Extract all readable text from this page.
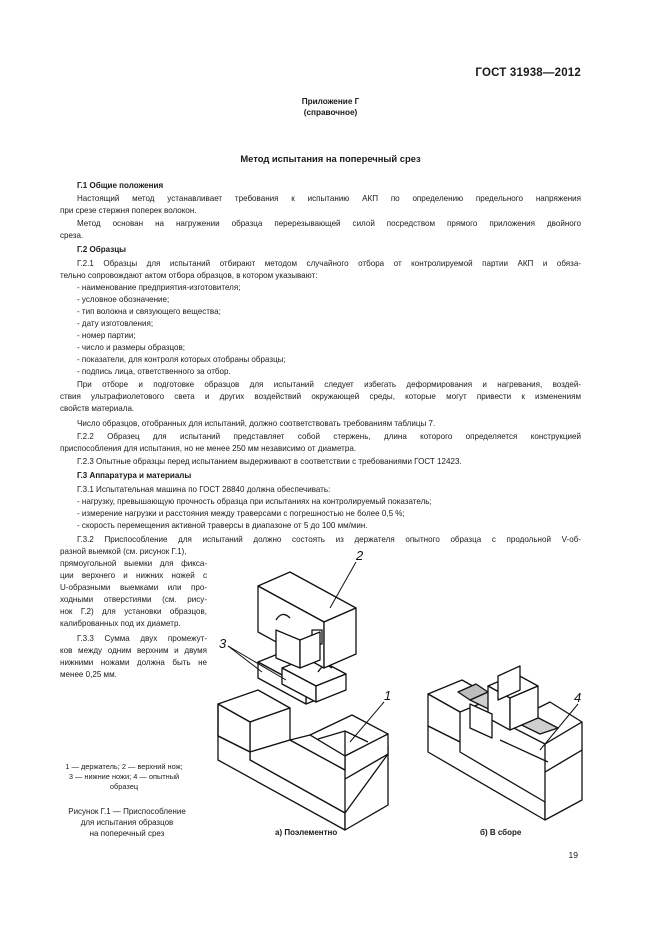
ГОСТ 31938—2012
Приложение Г
(справочное)
Метод испытания на поперечный срез
Г.1 Общие положения
Настоящий метод устанавливает требования к испытанию АКП по определению предельного напряжения
при срезе стержня поперек волокон.
Метод основан на нагружении образца перерезывающей силой посредством прямого приложения двойного
среза.
Г.2 Образцы
Г.2.1 Образцы для испытаний отбирают методом случайного отбора от контролируемой партии АКП и обяза-
тельно сопровождают актом отбора образцов, в котором указывают:
- наименование предприятия-изготовителя;
- условное обозначение;
- тип волокна и связующего вещества;
- дату изготовления;
- номер партии;
- число и размеры образцов;
- показатели, для контроля которых отобраны образцы;
- подпись лица, ответственного за отбор.
При отборе и подготовке образцов для испытаний следует избегать деформирования и нагревания, воздей-
ствия ультрафиолетового света и других воздействий окружающей среды, которые могут привести к изменениям
свойств материала.
Число образцов, отобранных для испытаний, должно соответствовать требованиям таблицы 7.
Г.2.2 Образец для испытаний представляет собой стержень, длина которого определяется конструкцией
приспособления для испытания, но не менее 250 мм независимо от диаметра.
Г.2.3 Опытные образцы перед испытанием выдерживают в соответствии с требованиями ГОСТ 12423.
Г.3 Аппаратура и материалы
Г.3.1 Испытательная машина по ГОСТ 28840 должна обеспечивать:
- нагрузку, превышающую прочность образца при испытаниях на контролируемый показатель;
- измерение нагрузки и расстояния между траверсами с погрешностью не более 0,5 %;
- скорость перемещения активной траверсы в диапазоне от 5 до 100 мм/мин.
Г.3.2 Приспособление для испытаний должно состоять из держателя опытного образца с продольной V-об-
разной выемкой (см. рисунок Г.1),
прямоугольной выемки для фикса-
ции верхнего и нижних ножей с
U-образными выемками или про-
ходными отверстиями (см. рису-
нок Г.2) для установки образцов,
калиброванных под их диаметр.
Г.3.3 Сумма двух промежут-
ков между одним верхним и двумя
нижними ножами должна быть не
менее 0,25 мм.
2
3
1	4
1 — держатель; 2 — верхний нож;
3 — нижние ножи; 4 — опытный
образец
Рисунок Г.1 — Приспособление
для испытания образцов
на поперечный срез	а) Поэлементно	б) В сборе
19
